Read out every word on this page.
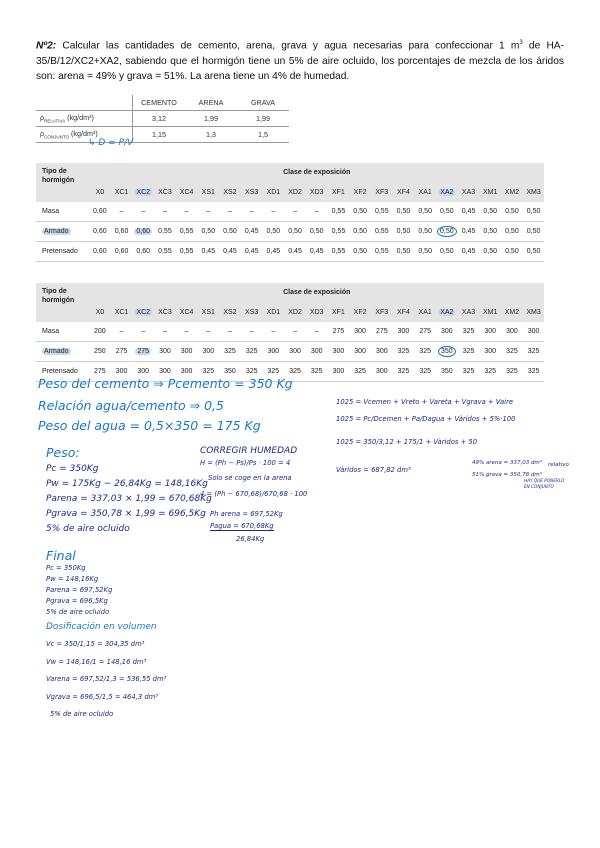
Nº2: Calcular las cantidades de cemento, arena, grava y agua necesarias para confeccionar 1 $m^3$ de HA-35/B/12/XC2+XA2, sabiendo que el hormigón tiene un 5% de aire ocluido, los porcentajes de mezcla de los áridos son: arena = 49% y grava = 51%. La arena tiene un 4% de humedad.
	CEMENTO	ARENA	GRAVA
$\rho_{RELATIVA}$ (kg/dm³)	3,12	1,99	1,99
$\rho_{CONJUNTO}$ (kg/dm³)	1,15	1,3	1,5
↳ D = P/V
Tipo de hormigón	Clase de exposición																				
	X0	XC1	XC2	XC3	XC4	XS1	XS2	XS3	XD1	XD2	XD3	XF1	XF2	XF3	XF4	XA1	XA2	XA3	XM1	XM2	XM3
Masa	0,60	–	–	–	–	–	–	–	–	–	–	0,55	0,50	0,55	0,50	0,50	0,50	0,45	0,50	0,50	0,50
Armado	0,60	0,60	0,60	0,55	0,55	0,50	0,50	0,45	0,50	0,50	0,50	0,55	0,50	0,55	0,50	0,50	0,50	0,45	0,50	0,50	0,50
Pretensado	0,60	0,60	0,60	0,55	0,55	0,45	0,45	0,45	0,45	0,45	0,45	0,55	0,50	0,55	0,50	0,50	0,50	0,45	0,50	0,50	0,50
Tipo de hormigón	Clase de exposición																				
	X0	XC1	XC2	XC3	XC4	XS1	XS2	XS3	XD1	XD2	XD3	XF1	XF2	XF3	XF4	XA1	XA2	XA3	XM1	XM2	XM3
Masa	200	–	–	–	–	–	–	–	–	–	–	275	300	275	300	275	300	325	300	300	300
Armado	250	275	275	300	300	300	325	325	300	300	300	300	300	300	325	325	350	325	300	325	325
Pretensado	275	300	300	300	300	325	350	325	325	325	325	300	325	300	325	325	350	325	325	325	325
Peso del cemento ⇒ Pcemento = 350 Kg
Relación agua/cemento ⇒ 0,5
Peso del agua = 0,5×350 = 175 Kg
Peso:
Pc = 350Kg
Pw = 175Kg − 26,84Kg = 148,16Kg
Parena = 337,03 × 1,99 = 670,68Kg
Pgrava = 350,78 × 1,99 = 696,5Kg
5% de aire ocluido
CORREGIR HUMEDAD
H = (Ph − Ps)/Ps · 100 = 4
Solo se coge en la arena
4 = (Ph − 670,68)/670,68 · 100
Ph arena = 697,52Kg
Pagua = 670,68Kg
26,84Kg
1025 = Vcemen + Vreto + Vareta + Vgrava + Vaire
1025 = Pc/Dcemen + Pa/Dagua + Vàridos + 5%·100
1025 = 350/3,12 + 175/1 + Vàridos + 50
Vàridos = 687,82 dm³
49% arena = 337,03 dm³
51% grava = 350,78 dm³
relativo
HAY QUE PONERLO EN CONJUNTO
Final
Pc = 350Kg
Pw = 148,16Kg
Parena = 697,52Kg
Pgrava = 696,5Kg
5% de aire ocluido
Dosificación en volumen
Vc = 350/1,15 = 304,35 dm³
Vw = 148,16/1 = 148,16 dm³
Varena = 697,52/1,3 = 536,55 dm³
Vgrava = 696,5/1,5 = 464,3 dm³
5% de aire ocluido
